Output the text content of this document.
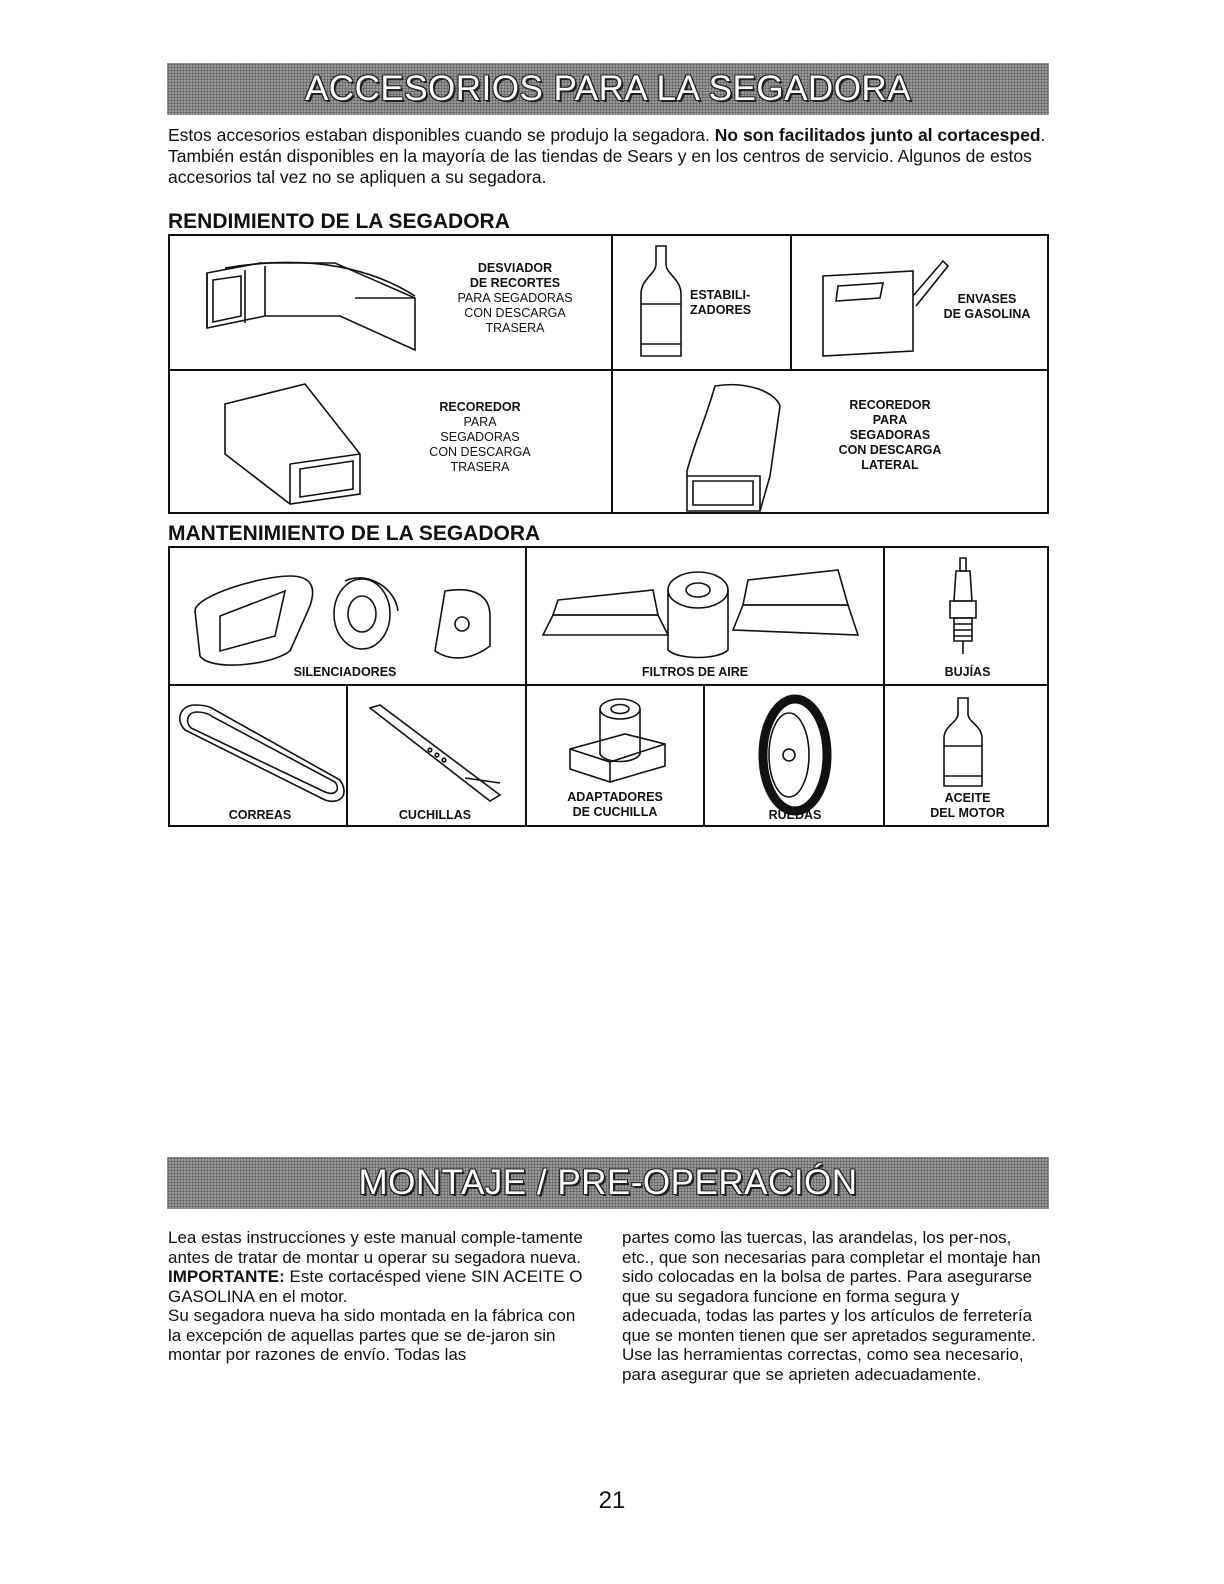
ACCESORIOS PARA LA SEGADORA
Estos accesorios estaban disponibles cuando se produjo la segadora. No son facilitados junto al cortacesped. También están disponibles en la mayoría de las tiendas de Sears y en los centros de servicio. Algunos de estos accesorios tal vez no se apliquen a su segadora.
RENDIMIENTO DE LA SEGADORA
DESVIADOR
DE RECORTES
PARA SEGADORAS
CON DESCARGA
TRASERA
ESTABILI-
ZADORES
ENVASES
DE GASOLINA
RECOREDOR
PARA
SEGADORAS
CON DESCARGA
TRASERA
RECOREDOR
PARA
SEGADORAS
CON DESCARGA
LATERAL
MANTENIMIENTO DE LA SEGADORA
SILENCIADORES	FILTROS DE AIRE	BUJÍAS
CORREAS	CUCHILLAS
ADAPTADORES
DE CUCHILLA	RUEDAS
ACEITE
DEL MOTOR
MONTAJE / PRE-OPERACIÓN
Lea estas instrucciones y este manual comple-tamente antes de tratar de montar u operar su segadora nueva.
IMPORTANTE: Este cortacésped viene SIN ACEITE O GASOLINA en el motor.
Su segadora nueva ha sido montada en la fábrica con la excepción de aquellas partes que se de-jaron sin montar por razones de envío. Todas las
partes como las tuercas, las arandelas, los per-nos, etc., que son necesarias para completar el montaje han sido colocadas en la bolsa de partes. Para asegurarse que su segadora funcione en forma segura y adecuada, todas las partes y los artículos de ferretería que se monten tienen que ser apretados seguramente. Use las herramientas correctas, como sea necesario, para asegurar que se aprieten adecuadamente.
21
